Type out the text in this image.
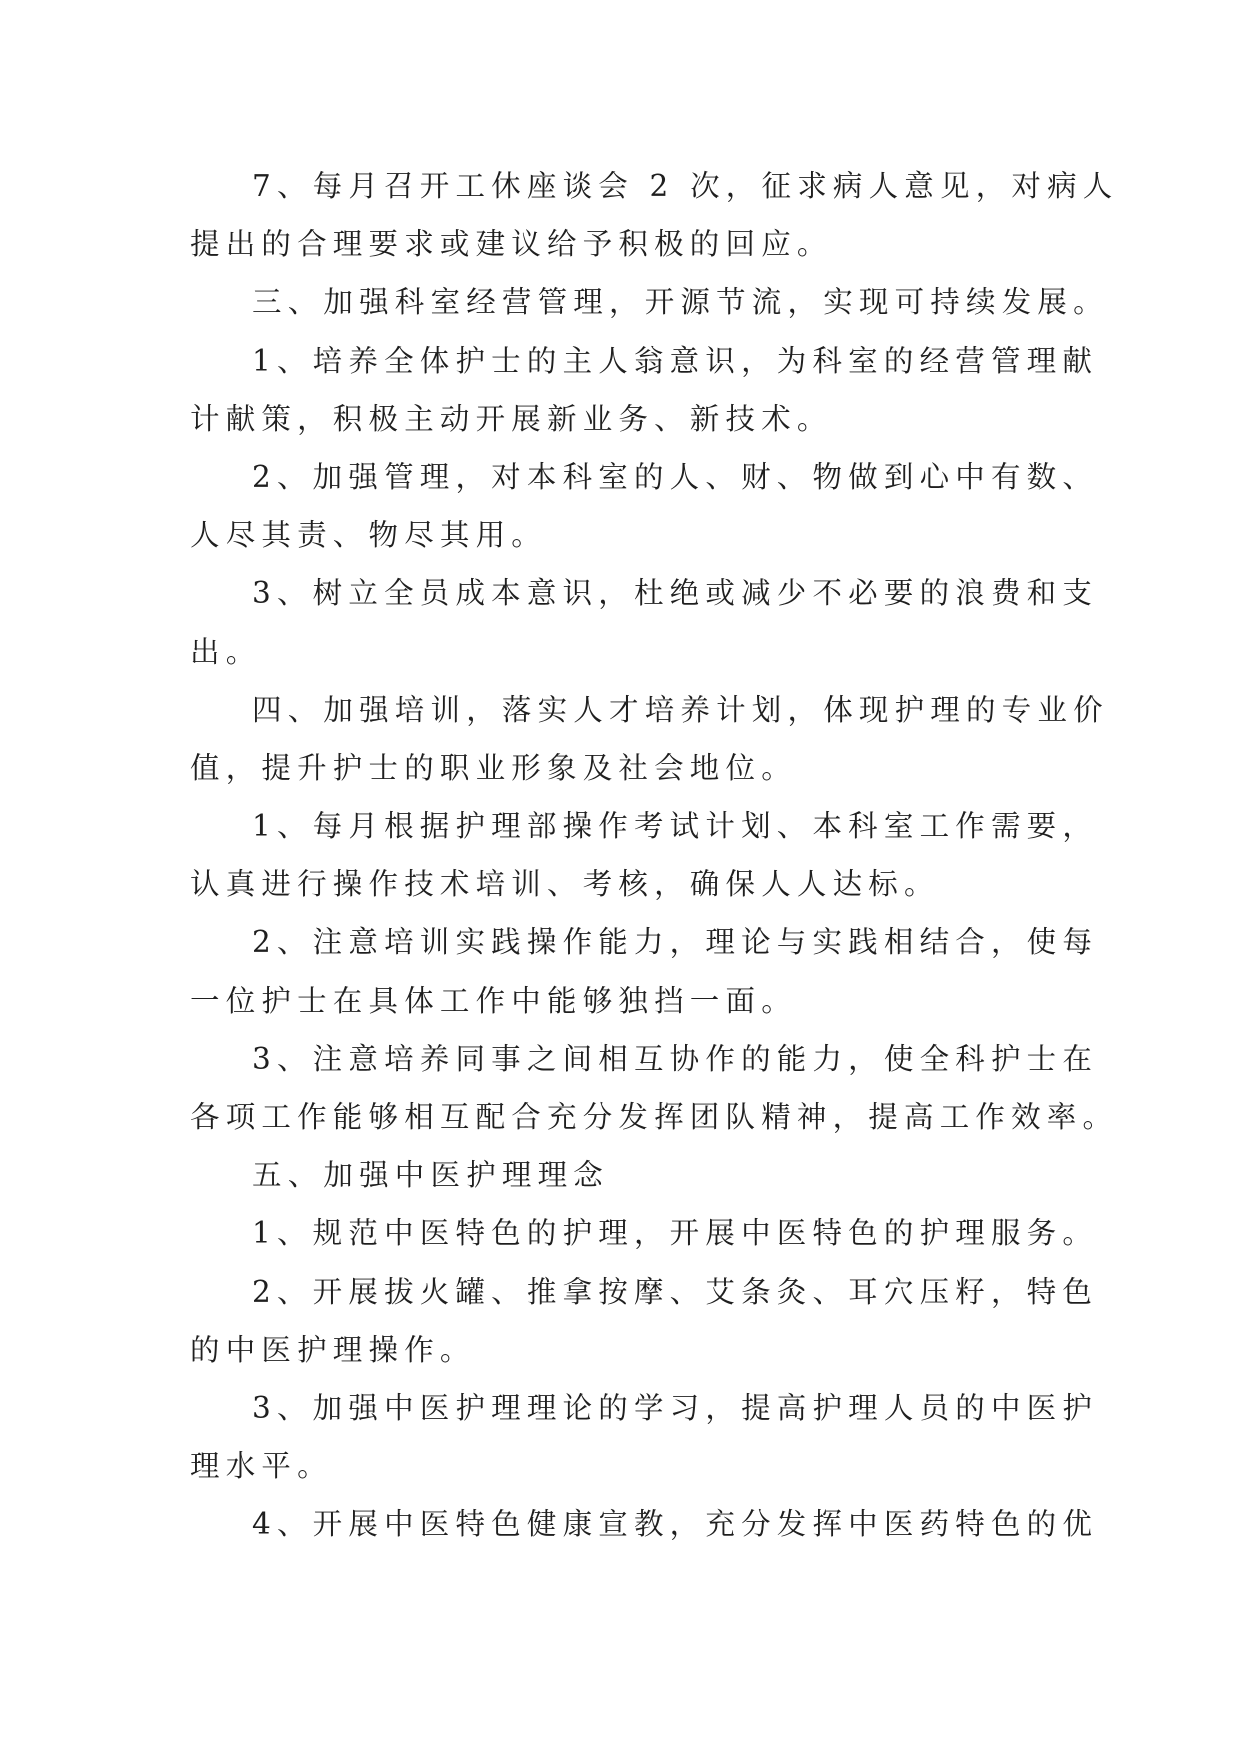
7、每月召开工休座谈会 2 次，征求病人意见，对病人
提出的合理要求或建议给予积极的回应。
三、加强科室经营管理，开源节流，实现可持续发展。
1、培养全体护士的主人翁意识，为科室的经营管理献
计献策，积极主动开展新业务、新技术。
2、加强管理，对本科室的人、财、物做到心中有数、
人尽其责、物尽其用。
3、树立全员成本意识，杜绝或减少不必要的浪费和支
出。
四、加强培训，落实人才培养计划，体现护理的专业价
值，提升护士的职业形象及社会地位。
1、每月根据护理部操作考试计划、本科室工作需要，
认真进行操作技术培训、考核，确保人人达标。
2、注意培训实践操作能力，理论与实践相结合，使每
一位护士在具体工作中能够独挡一面。
3、注意培养同事之间相互协作的能力，使全科护士在
各项工作能够相互配合充分发挥团队精神，提高工作效率。
五、加强中医护理理念
1、规范中医特色的护理，开展中医特色的护理服务。
2、开展拔火罐、推拿按摩、艾条灸、耳穴压籽，特色
的中医护理操作。
3、加强中医护理理论的学习，提高护理人员的中医护
理水平。
4、开展中医特色健康宣教，充分发挥中医药特色的优
